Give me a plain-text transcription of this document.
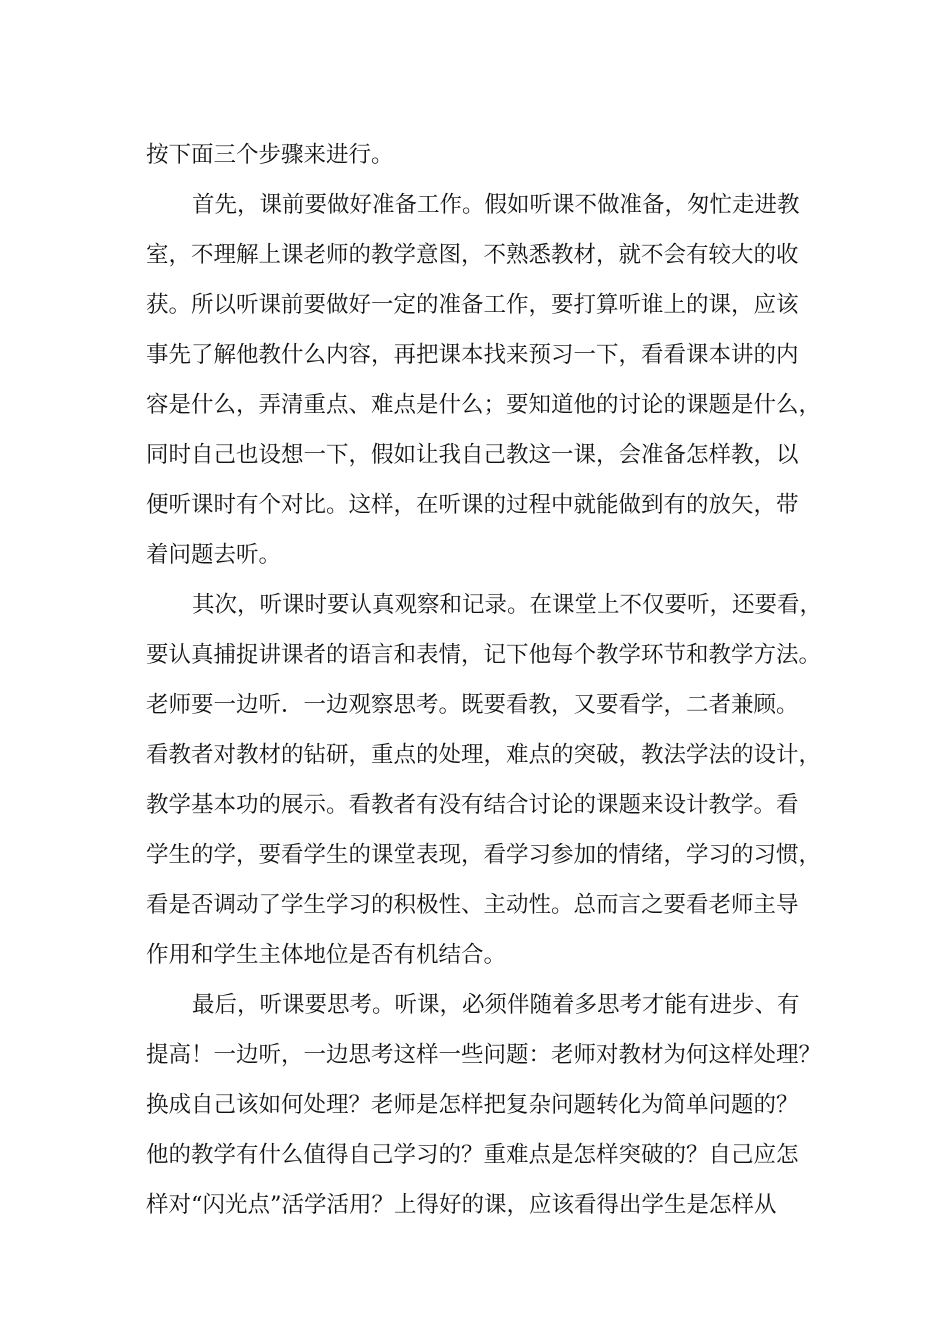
按下面三个步骤来进行。
首先，课前要做好准备工作。假如听课不做准备，匆忙走进教
室，不理解上课老师的教学意图，不熟悉教材，就不会有较大的收
获。所以听课前要做好一定的准备工作，要打算听谁上的课，应该
事先了解他教什么内容，再把课本找来预习一下，看看课本讲的内
容是什么，弄清重点、难点是什么；要知道他的讨论的课题是什么，
同时自己也设想一下，假如让我自己教这一课，会准备怎样教，以
便听课时有个对比。这样，在听课的过程中就能做到有的放矢，带
着问题去听。
其次，听课时要认真观察和记录。在课堂上不仅要听，还要看，
要认真捕捉讲课者的语言和表情，记下他每个教学环节和教学方法。
老师要一边听．一边观察思考。既要看教，又要看学，二者兼顾。
看教者对教材的钻研，重点的处理，难点的突破，教法学法的设计，
教学基本功的展示。看教者有没有结合讨论的课题来设计教学。看
学生的学，要看学生的课堂表现，看学习参加的情绪，学习的习惯，
看是否调动了学生学习的积极性、主动性。总而言之要看老师主导
作用和学生主体地位是否有机结合。
最后，听课要思考。听课，必须伴随着多思考才能有进步、有
提高！一边听，一边思考这样一些问题：老师对教材为何这样处理？
换成自己该如何处理？老师是怎样把复杂问题转化为简单问题的？
他的教学有什么值得自己学习的？重难点是怎样突破的？自己应怎
样对“闪光点”活学活用？上得好的课，应该看得出学生是怎样从
